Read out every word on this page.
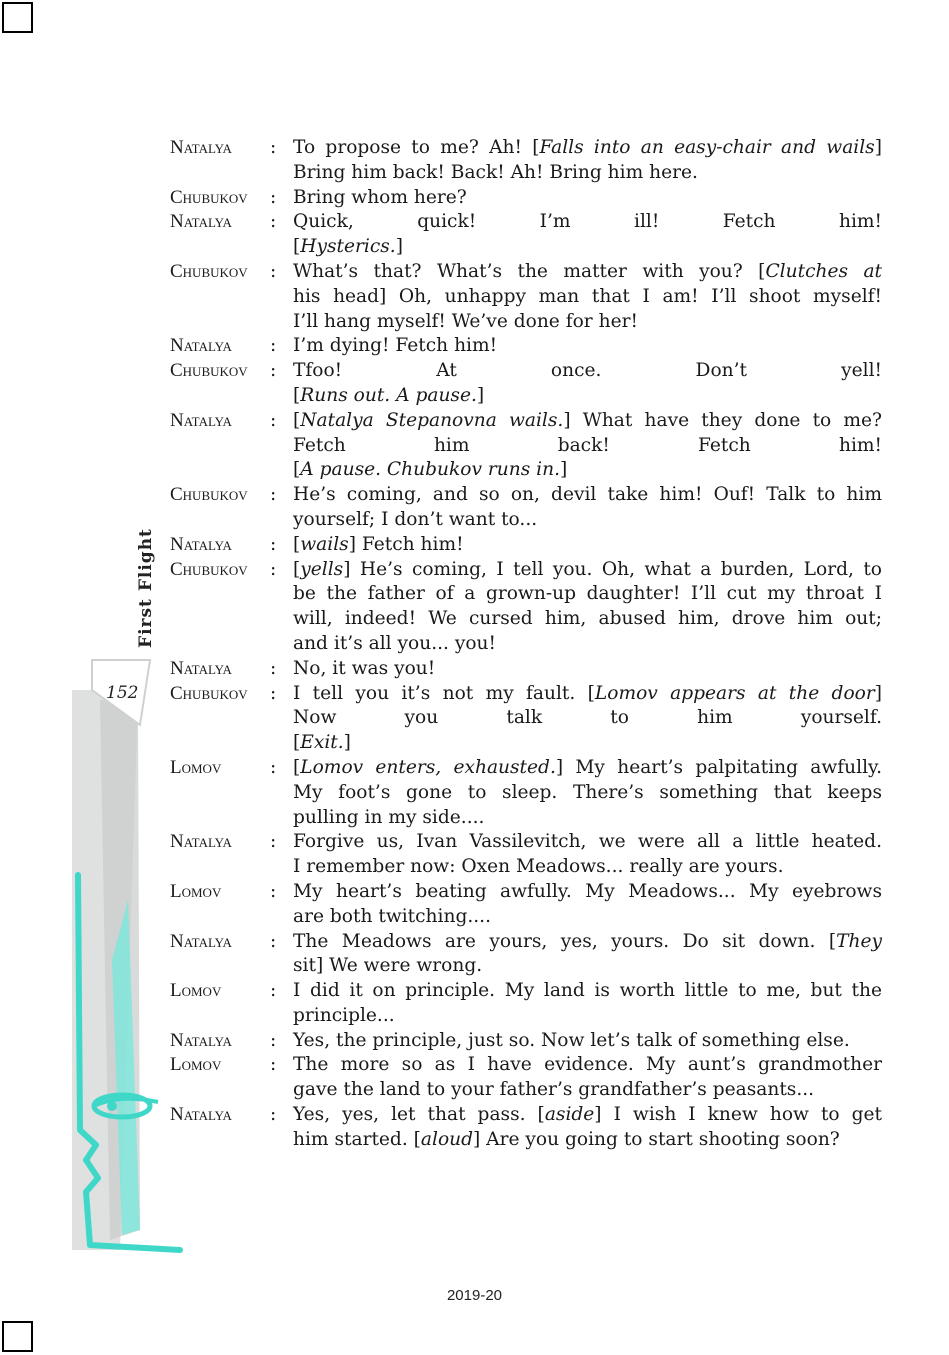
First Flight
152
Natalya	: To propose to me? Ah! [Falls into an easy-chair and wails]
Bring him back! Back! Ah! Bring him here.
Chubukov	: Bring whom here?
Natalya	: Quick, quick! I’m ill! Fetch him!
[Hysterics.]
Chubukov	: What’s that? What’s the matter with you? [Clutches at
his head] Oh, unhappy man that I am! I’ll shoot myself!
I’ll hang myself! We’ve done for her!
Natalya	: I’m dying! Fetch him!
Chubukov	: Tfoo! At once. Don’t yell!
[Runs out. A pause.]
Natalya	: [Natalya Stepanovna wails.] What have they done to me?
Fetch him back! Fetch him!
[A pause. Chubukov runs in.]
Chubukov	: He’s coming, and so on, devil take him! Ouf! Talk to him
yourself; I don’t want to...
Natalya	: [wails] Fetch him!
Chubukov	: [yells] He’s coming, I tell you. Oh, what a burden, Lord, to
be the father of a grown-up daughter! I’ll cut my throat I
will, indeed! We cursed him, abused him, drove him out;
and it’s all you... you!
Natalya	: No, it was you!
Chubukov	: I tell you it’s not my fault. [Lomov appears at the door]
Now you talk to him yourself.
[Exit.]
Lomov	: [Lomov enters, exhausted.] My heart’s palpitating awfully.
My foot’s gone to sleep. There’s something that keeps
pulling in my side....
Natalya	: Forgive us, Ivan Vassilevitch, we were all a little heated.
I remember now: Oxen Meadows... really are yours.
Lomov	: My heart’s beating awfully. My Meadows... My eyebrows
are both twitching....
Natalya	: The Meadows are yours, yes, yours. Do sit down. [They
sit] We were wrong.
Lomov	: I did it on principle. My land is worth little to me, but the
principle...
Natalya	: Yes, the principle, just so. Now let’s talk of something else.
Lomov	: The more so as I have evidence. My aunt’s grandmother
gave the land to your father’s grandfather’s peasants...
Natalya	: Yes, yes, let that pass. [aside] I wish I knew how to get
him started. [aloud] Are you going to start shooting soon?
2019-20
